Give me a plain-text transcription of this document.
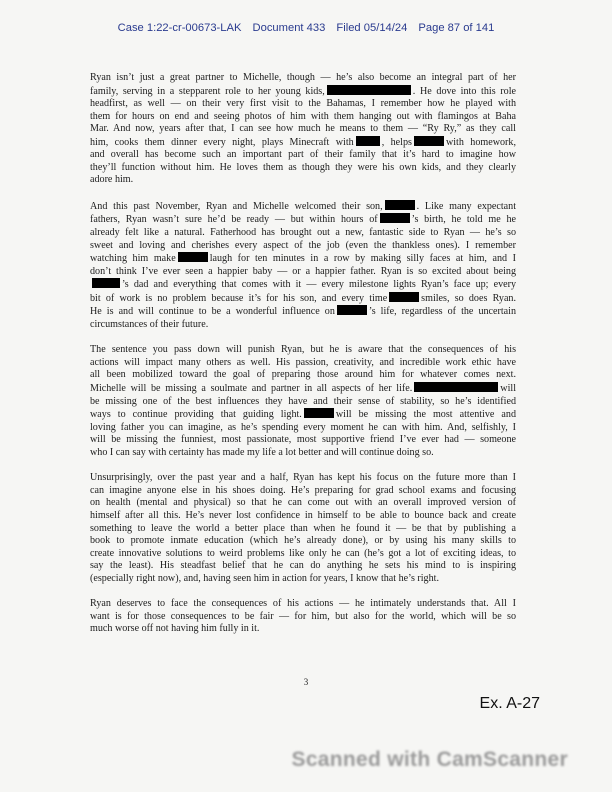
Case 1:22-cr-00673-LAK Document 433 Filed 05/14/24 Page 87 of 141
Ryan isn’t just a great partner to Michelle, though — he’s also become an integral part of her
family, serving in a stepparent role to her young kids,	. He dove into this role
headfirst, as well — on their very first visit to the Bahamas, I remember how he played with
them for hours on end and seeing photos of him with them hanging out with flamingos at Baha
Mar. And now, years after that, I can see how much he means to them — “Ry Ry,” as they call
him, cooks them dinner every night, plays Minecraft with	, helps	with homework,
and overall has become such an important part of their family that it’s hard to imagine how
they’ll function without him. He loves them as though they were his own kids, and they clearly
adore him.
And this past November, Ryan and Michelle welcomed their son,	. Like many expectant
fathers, Ryan wasn’t sure he’d be ready — but within hours of	’s birth, he told me he
already felt like a natural. Fatherhood has brought out a new, fantastic side to Ryan — he’s so
sweet and loving and cherishes every aspect of the job (even the thankless ones). I remember
watching him make	laugh for ten minutes in a row by making silly faces at him, and I
don’t think I’ve ever seen a happier baby — or a happier father. Ryan is so excited about being
’s dad and everything that comes with it — every milestone lights Ryan’s face up; every
bit of work is no problem because it’s for his son, and every time	smiles, so does Ryan.
He is and will continue to be a wonderful influence on	’s life, regardless of the uncertain
circumstances of their future.
The sentence you pass down will punish Ryan, but he is aware that the consequences of his
actions will impact many others as well. His passion, creativity, and incredible work ethic have
all been mobilized toward the goal of preparing those around him for whatever comes next.
Michelle will be missing a soulmate and partner in all aspects of her life.	will
be missing one of the best influences they have and their sense of stability, so he’s identified
ways to continue providing that guiding light.	will be missing the most attentive and
loving father you can imagine, as he’s spending every moment he can with him. And, selfishly, I
will be missing the funniest, most passionate, most supportive friend I’ve ever had — someone
who I can say with certainty has made my life a lot better and will continue doing so.
Unsurprisingly, over the past year and a half, Ryan has kept his focus on the future more than I
can imagine anyone else in his shoes doing. He’s preparing for grad school exams and focusing
on health (mental and physical) so that he can come out with an overall improved version of
himself after all this. He’s never lost confidence in himself to be able to bounce back and create
something to leave the world a better place than when he found it — be that by publishing a
book to promote inmate education (which he’s already done), or by using his many skills to
create innovative solutions to weird problems like only he can (he’s got a lot of exciting ideas, to
say the least). His steadfast belief that he can do anything he sets his mind to is inspiring
(especially right now), and, having seen him in action for years, I know that he’s right.
Ryan deserves to face the consequences of his actions — he intimately understands that. All I
want is for those consequences to be fair — for him, but also for the world, which will be so
much worse off not having him fully in it.
3
Ex. A-27
Scanned with CamScanner
